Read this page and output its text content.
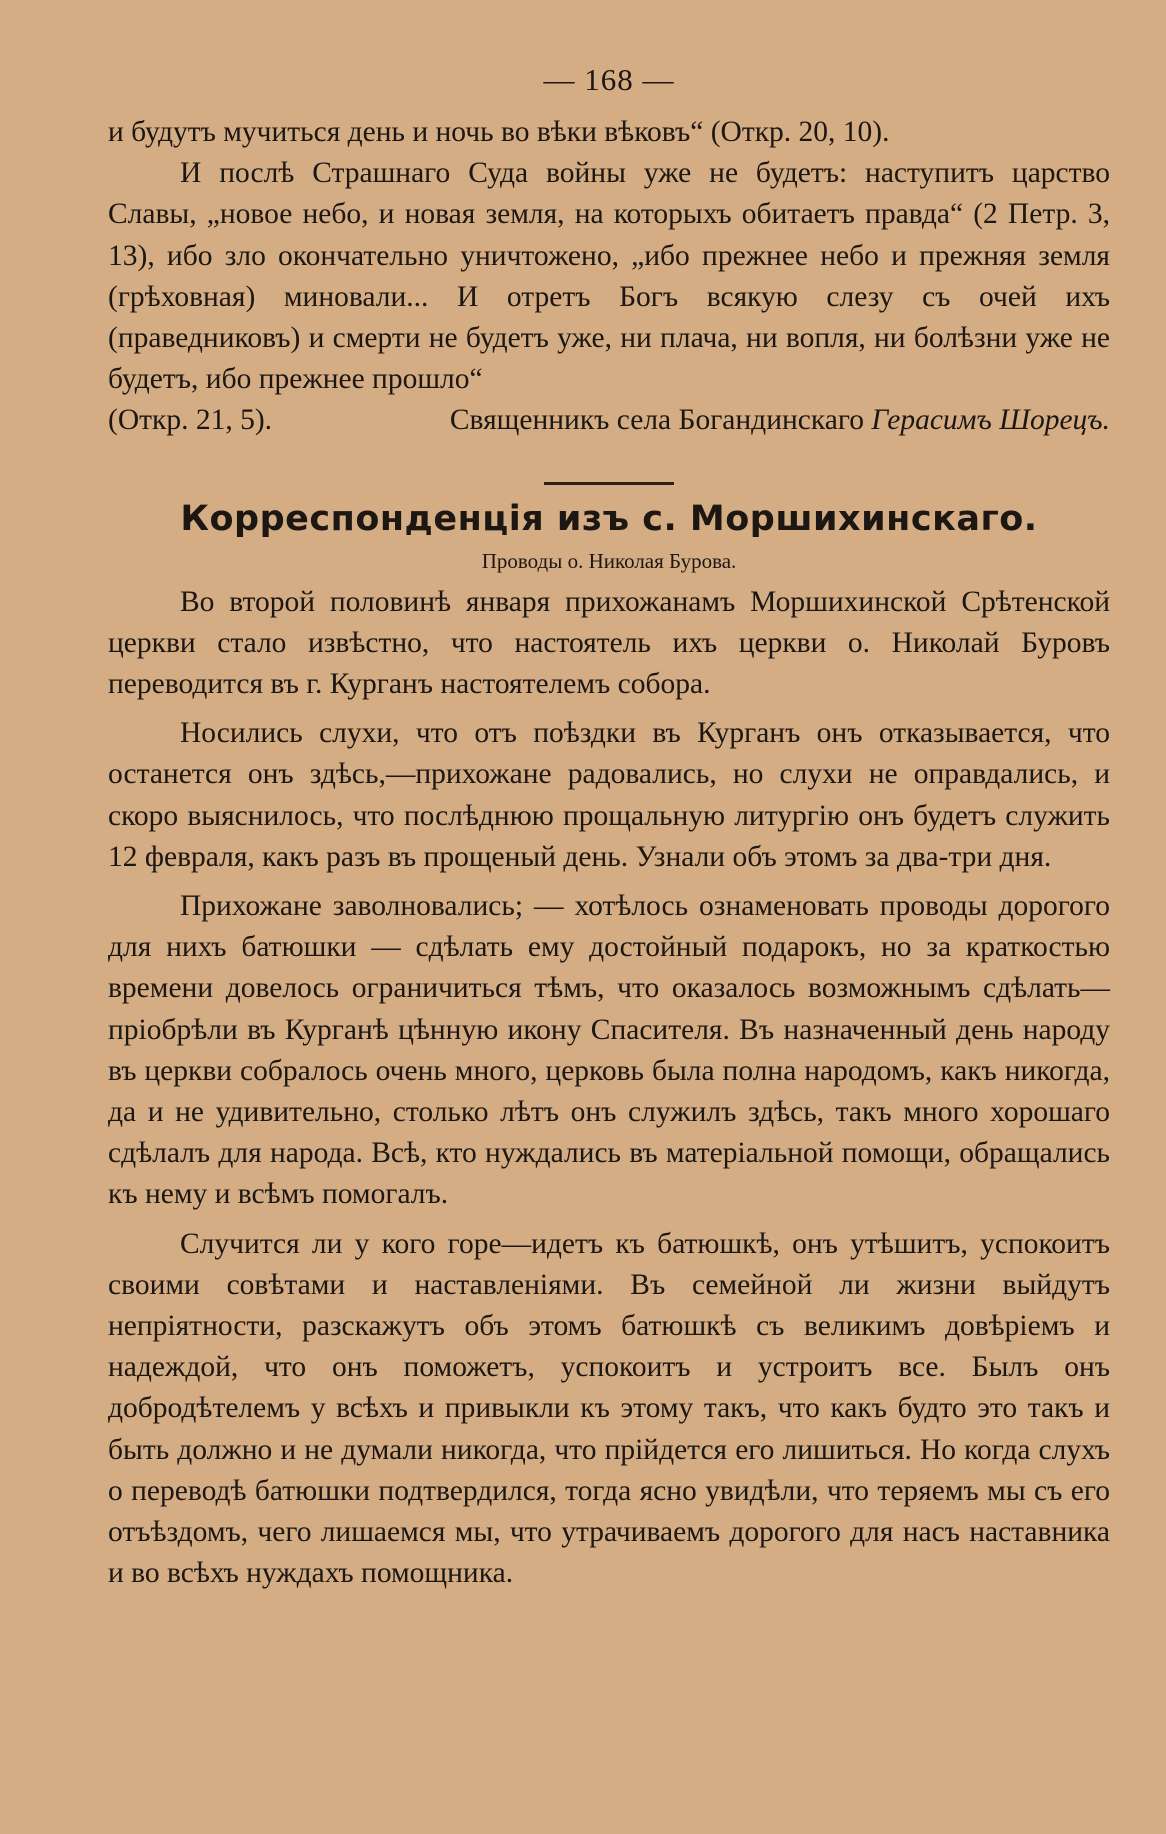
— 168 —

и будутъ мучиться день и ночь во вѣки вѣковъ“ (Откр. 20, 10).

И послѣ Страшнаго Суда войны уже не будетъ: наступитъ царство Славы, „новое небо, и новая земля, на которыхъ обитаетъ правда“ (2 Петр. 3, 13), ибо зло окончательно уничтожено, „ибо прежнее небо и прежняя земля (грѣховная) миновали... И отретъ Богъ всякую слезу съ очей ихъ (праведниковъ) и смерти не будетъ уже, ни плача, ни вопля, ни болѣзни уже не будетъ, ибо прежнее прошло“

(Откр. 21, 5).	Священникъ села Богандинскаго Герасимъ Шорецъ.
Корреспонденція изъ с. Моршихинскаго.
Проводы о. Николая Бурова.

Во второй половинѣ января прихожанамъ Моршихинской Срѣтенской церкви стало извѣстно, что настоятель ихъ церкви о. Николай Буровъ переводится въ г. Курганъ настоятелемъ собора.

Носились слухи, что отъ поѣздки въ Курганъ онъ отказывается, что останется онъ здѣсь,—прихожане радовались, но слухи не оправдались, и скоро выяснилось, что послѣднюю прощальную литургію онъ будетъ служить 12 февраля, какъ разъ въ прощеный день. Узнали объ этомъ за два-три дня.

Прихожане заволновались; — хотѣлось ознаменовать проводы дорогого для нихъ батюшки — сдѣлать ему достойный подарокъ, но за краткостью времени довелось ограничиться тѣмъ, что оказалось возможнымъ сдѣлать—пріобрѣли въ Курганѣ цѣнную икону Спасителя. Въ назначенный день народу въ церкви собралось очень много, церковь была полна народомъ, какъ никогда, да и не удивительно, столько лѣтъ онъ служилъ здѣсь, такъ много хорошаго сдѣлалъ для народа. Всѣ, кто нуждались въ матеріальной помощи, обращались къ нему и всѣмъ помогалъ.

Случится ли у кого горе—идетъ къ батюшкѣ, онъ утѣшитъ, успокоитъ своими совѣтами и наставленіями. Въ семейной ли жизни выйдутъ непріятности, разскажутъ объ этомъ батюшкѣ съ великимъ довѣріемъ и надеждой, что онъ поможетъ, успокоитъ и устроитъ все. Былъ онъ добродѣтелемъ у всѣхъ и привыкли къ этому такъ, что какъ будто это такъ и быть должно и не думали никогда, что прійдется его лишиться. Но когда слухъ о переводѣ батюшки подтвердился, тогда ясно увидѣли, что теряемъ мы съ его отъѣздомъ, чего лишаемся мы, что утрачиваемъ дорогого для насъ наставника и во всѣхъ нуждахъ помощника.
